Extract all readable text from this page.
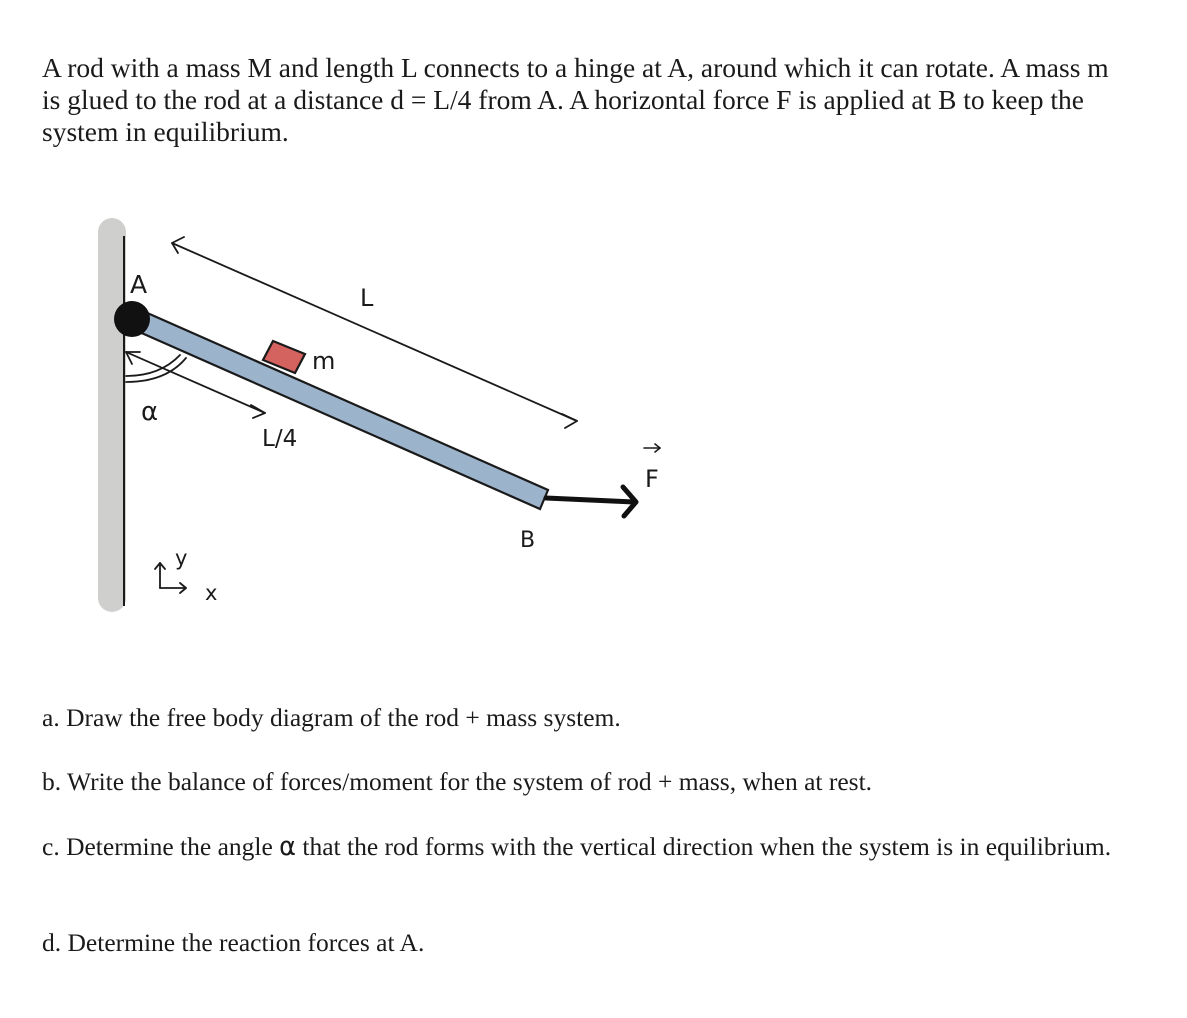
A rod with a mass M and length L connects to a hinge at A, around which it can rotate. A mass m is glued to the rod at a distance d = L/4 from A. A horizontal force F is applied at B to keep the system in equilibrium.

A	L
m
α
L/4
F
B
y
x

a. Draw the free body diagram of the rod + mass system.

b. Write the balance of forces/moment for the system of rod + mass, when at rest.

c. Determine the angle ⍺ that the rod forms with the vertical direction when the system is in equilibrium.

d. Determine the reaction forces at A.
